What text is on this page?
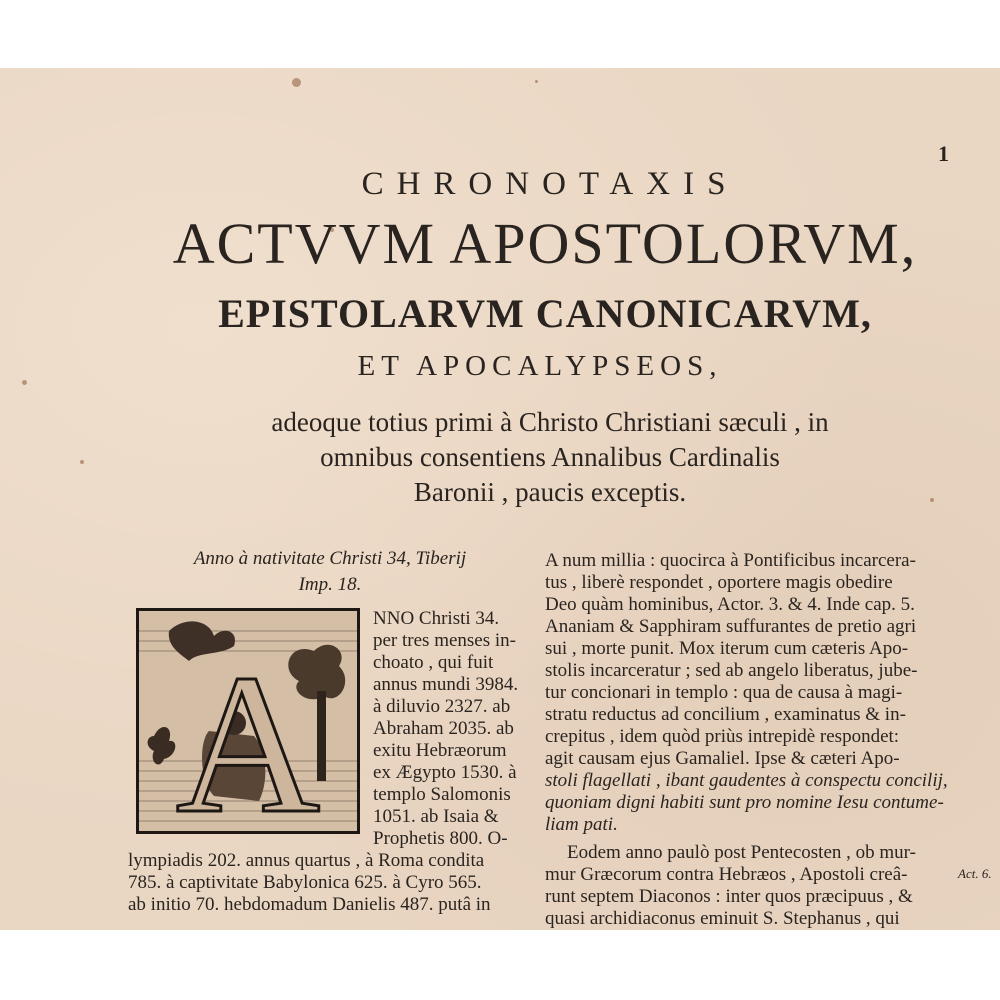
1
CHRONOTAXIS
ACTVVM APOSTOLORVM,
EPISTOLARVM CANONICARVM,
ET APOCALYPSEOS,
adeoque totius primi à Christo Christiani sæculi , in
omnibus consentiens Annalibus Cardinalis
Baronii , paucis exceptis.
Anno à nativitate Christi 34, Tiberij
Imp. 18.
A
NNO Christi 34.
per tres menses in-
choato , qui fuit
annus mundi 3984.
à diluvio 2327. ab
Abraham 2035. ab
exitu Hebræorum
ex Ægypto 1530. à
templo Salomonis
1051. ab Isaia &
Prophetis 800. O-
lympiadis 202. annus quartus , à Roma condita
785. à captivitate Babylonica 625. à Cyro 565.
ab initio 70. hebdomadum Danielis 487. putâ in
A num millia : quocirca à Pontificibus incarcera-
tus , liberè respondet , oportere magis obedire
Deo quàm hominibus, Actor. 3. & 4. Inde cap. 5.
Ananiam & Sapphiram suffurantes de pretio agri
sui , morte punit. Mox iterum cum cæteris Apo-
stolis incarceratur ; sed ab angelo liberatus, jube-
tur concionari in templo : qua de causa à magi-
stratu reductus ad concilium , examinatus & in-
crepitus , idem quòd priùs intrepidè respondet:
agit causam ejus Gamaliel. Ipse & cæteri Apo-
stoli flagellati , ibant gaudentes à conspectu concilij,
quoniam digni habiti sunt pro nomine Iesu contume-
liam pati.
Eodem anno paulò post Pentecosten , ob mur-
mur Græcorum contra Hebræos , Apostoli creâ-
runt septem Diaconos : inter quos præcipuus , &
quasi archidiaconus eminuit S. Stephanus , qui
Act. 6.
